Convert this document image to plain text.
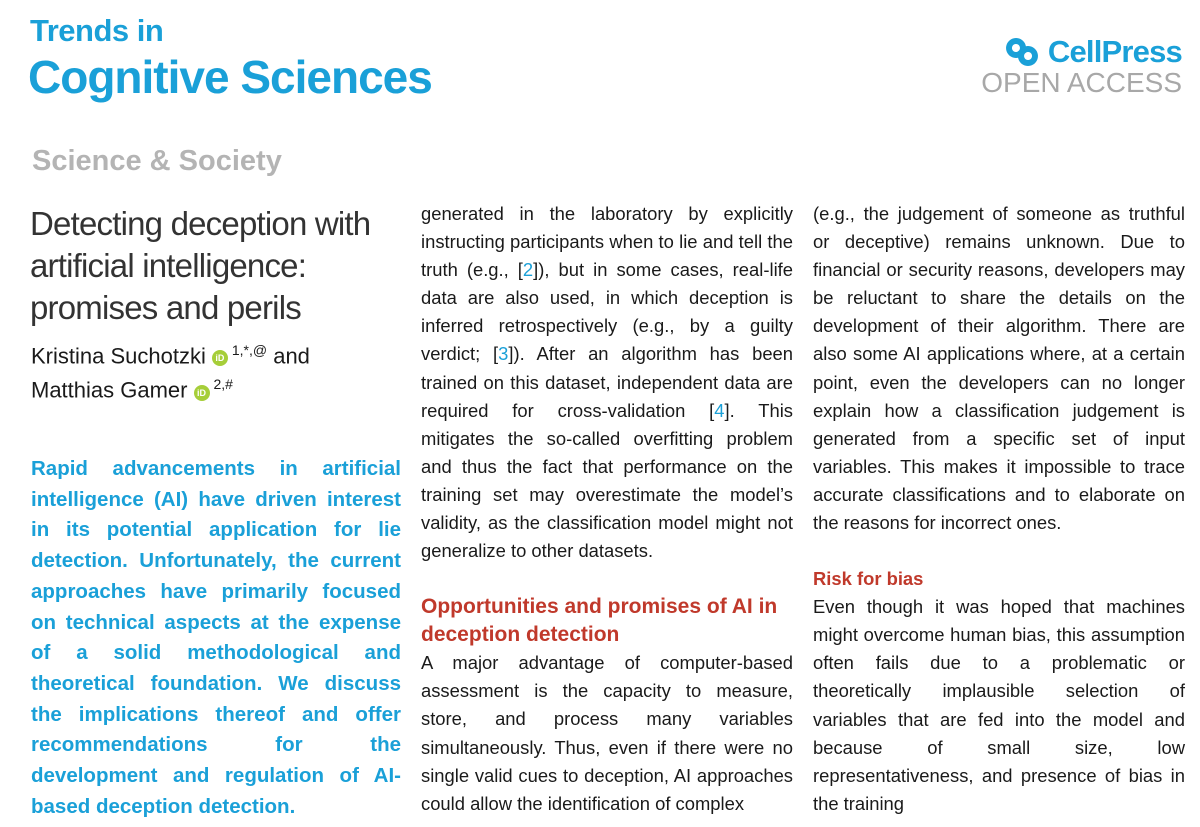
Trends in
Cognitive Sciences	CellPress
OPEN ACCESS
Science & Society
Detecting deception with artificial intelligence: promises and perils
Kristina Suchotzki $iD^{1,*,@}$ and
Matthias Gamer $iD^{2,\#}$

Rapid advancements in artificial intelligence (AI) have driven interest in its potential application for lie detection. Unfortunately, the current approaches have primarily focused on technical aspects at the expense of a solid methodological and theoretical foundation. We discuss the implications thereof and offer recommendations for the development and regulation of AI-based deception detection.

generated in the laboratory by explicitly instructing participants when to lie and tell the truth (e.g., [2]), but in some cases, real-life data are also used, in which deception is inferred retrospectively (e.g., by a guilty verdict; [3]). After an algorithm has been trained on this dataset, independent data are required for cross-validation [4]. This mitigates the so-called overfitting problem and thus the fact that performance on the training set may overestimate the model’s validity, as the classification model might not generalize to other datasets.

Opportunities and promises of AI in deception detection

A major advantage of computer-based assessment is the capacity to measure, store, and process many variables simultaneously. Thus, even if there were no single valid cues to deception, AI approaches could allow the identification of complex

(e.g., the judgement of someone as truthful or deceptive) remains unknown. Due to financial or security reasons, developers may be reluctant to share the details on the development of their algorithm. There are also some AI applications where, at a certain point, even the developers can no longer explain how a classification judgement is generated from a specific set of input variables. This makes it impossible to trace accurate classifications and to elaborate on the reasons for incorrect ones.

Risk for bias

Even though it was hoped that machines might overcome human bias, this assumption often fails due to a problematic or theoretically implausible selection of variables that are fed into the model and because of small size, low representativeness, and presence of bias in the training
